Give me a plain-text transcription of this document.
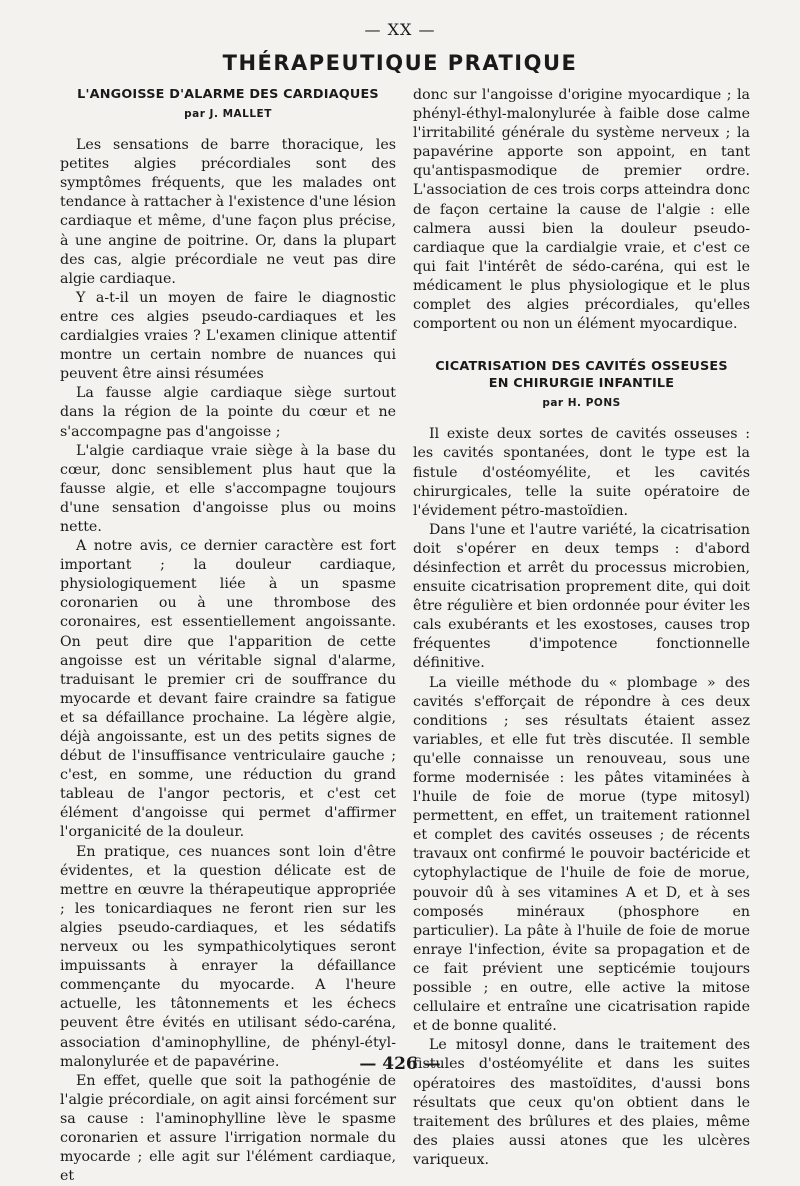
— XX —
THÉRAPEUTIQUE PRATIQUE
L'ANGOISSE D'ALARME DES CARDIAQUES
par J. MALLET

Les sensations de barre thoracique, les petites algies précordiales sont des symptômes fréquents, que les malades ont tendance à rattacher à l'existence d'une lésion cardiaque et même, d'une façon plus précise, à une angine de poitrine. Or, dans la plupart des cas, algie précordiale ne veut pas dire algie cardiaque.

Y a-t-il un moyen de faire le diagnostic entre ces algies pseudo-cardiaques et les cardialgies vraies ? L'examen clinique attentif montre un certain nombre de nuances qui peuvent être ainsi résumées

La fausse algie cardiaque siège surtout dans la région de la pointe du cœur et ne s'accompagne pas d'angoisse ;

L'algie cardiaque vraie siège à la base du cœur, donc sensiblement plus haut que la fausse algie, et elle s'accompagne toujours d'une sensation d'angoisse plus ou moins nette.

A notre avis, ce dernier caractère est fort important ; la douleur cardiaque, physiologiquement liée à un spasme coronarien ou à une thrombose des coronaires, est essentiellement angoissante. On peut dire que l'apparition de cette angoisse est un véritable signal d'alarme, traduisant le premier cri de souffrance du myocarde et devant faire craindre sa fatigue et sa défaillance prochaine. La légère algie, déjà angoissante, est un des petits signes de début de l'insuffisance ventriculaire gauche ; c'est, en somme, une réduction du grand tableau de l'angor pectoris, et c'est cet élément d'angoisse qui permet d'affirmer l'organicité de la douleur.

En pratique, ces nuances sont loin d'être évidentes, et la question délicate est de mettre en œuvre la thérapeutique appropriée ; les tonicardiaques ne feront rien sur les algies pseudo-cardiaques, et les sédatifs nerveux ou les sympathicolytiques seront impuissants à enrayer la défaillance commençante du myocarde. A l'heure actuelle, les tâtonnements et les échecs peuvent être évités en utilisant sédo-caréna, association d'aminophylline, de phényl-étyl-malonylurée et de papavérine.

En effet, quelle que soit la pathogénie de l'algie précordiale, on agit ainsi forcément sur sa cause : l'aminophylline lève le spasme coronarien et assure l'irrigation normale du myocarde ; elle agit sur l'élément cardiaque, et

donc sur l'angoisse d'origine myocardique ; la phényl-éthyl-malonylurée à faible dose calme l'irritabilité générale du système nerveux ; la papavérine apporte son appoint, en tant qu'antispasmodique de premier ordre. L'association de ces trois corps atteindra donc de façon certaine la cause de l'algie : elle calmera aussi bien la douleur pseudo-cardiaque que la cardialgie vraie, et c'est ce qui fait l'intérêt de sédo-caréna, qui est le médicament le plus physiologique et le plus complet des algies précordiales, qu'elles comportent ou non un élément myocardique.

CICATRISATION DES CAVITÉS OSSEUSES
EN CHIRURGIE INFANTILE
par H. PONS

Il existe deux sortes de cavités osseuses : les cavités spontanées, dont le type est la fistule d'ostéomyélite, et les cavités chirurgicales, telle la suite opératoire de l'évidement pétro-mastoïdien.

Dans l'une et l'autre variété, la cicatrisation doit s'opérer en deux temps : d'abord désinfection et arrêt du processus microbien, ensuite cicatrisation proprement dite, qui doit être régulière et bien ordonnée pour éviter les cals exubérants et les exostoses, causes trop fréquentes d'impotence fonctionnelle définitive.

La vieille méthode du « plombage » des cavités s'efforçait de répondre à ces deux conditions ; ses résultats étaient assez variables, et elle fut très discutée. Il semble qu'elle connaisse un renouveau, sous une forme modernisée : les pâtes vitaminées à l'huile de foie de morue (type mitosyl) permettent, en effet, un traitement rationnel et complet des cavités osseuses ; de récents travaux ont confirmé le pouvoir bactéricide et cytophylactique de l'huile de foie de morue, pouvoir dû à ses vitamines A et D, et à ses composés minéraux (phosphore en particulier). La pâte à l'huile de foie de morue enraye l'infection, évite sa propagation et de ce fait prévient une septicémie toujours possible ; en outre, elle active la mitose cellulaire et entraîne une cicatrisation rapide et de bonne qualité.

Le mitosyl donne, dans le traitement des fistules d'ostéomyélite et dans les suites opératoires des mastoïdites, d'aussi bons résultats que ceux qu'on obtient dans le traitement des brûlures et des plaies, même des plaies aussi atones que les ulcères variqueux.

— 426 —
